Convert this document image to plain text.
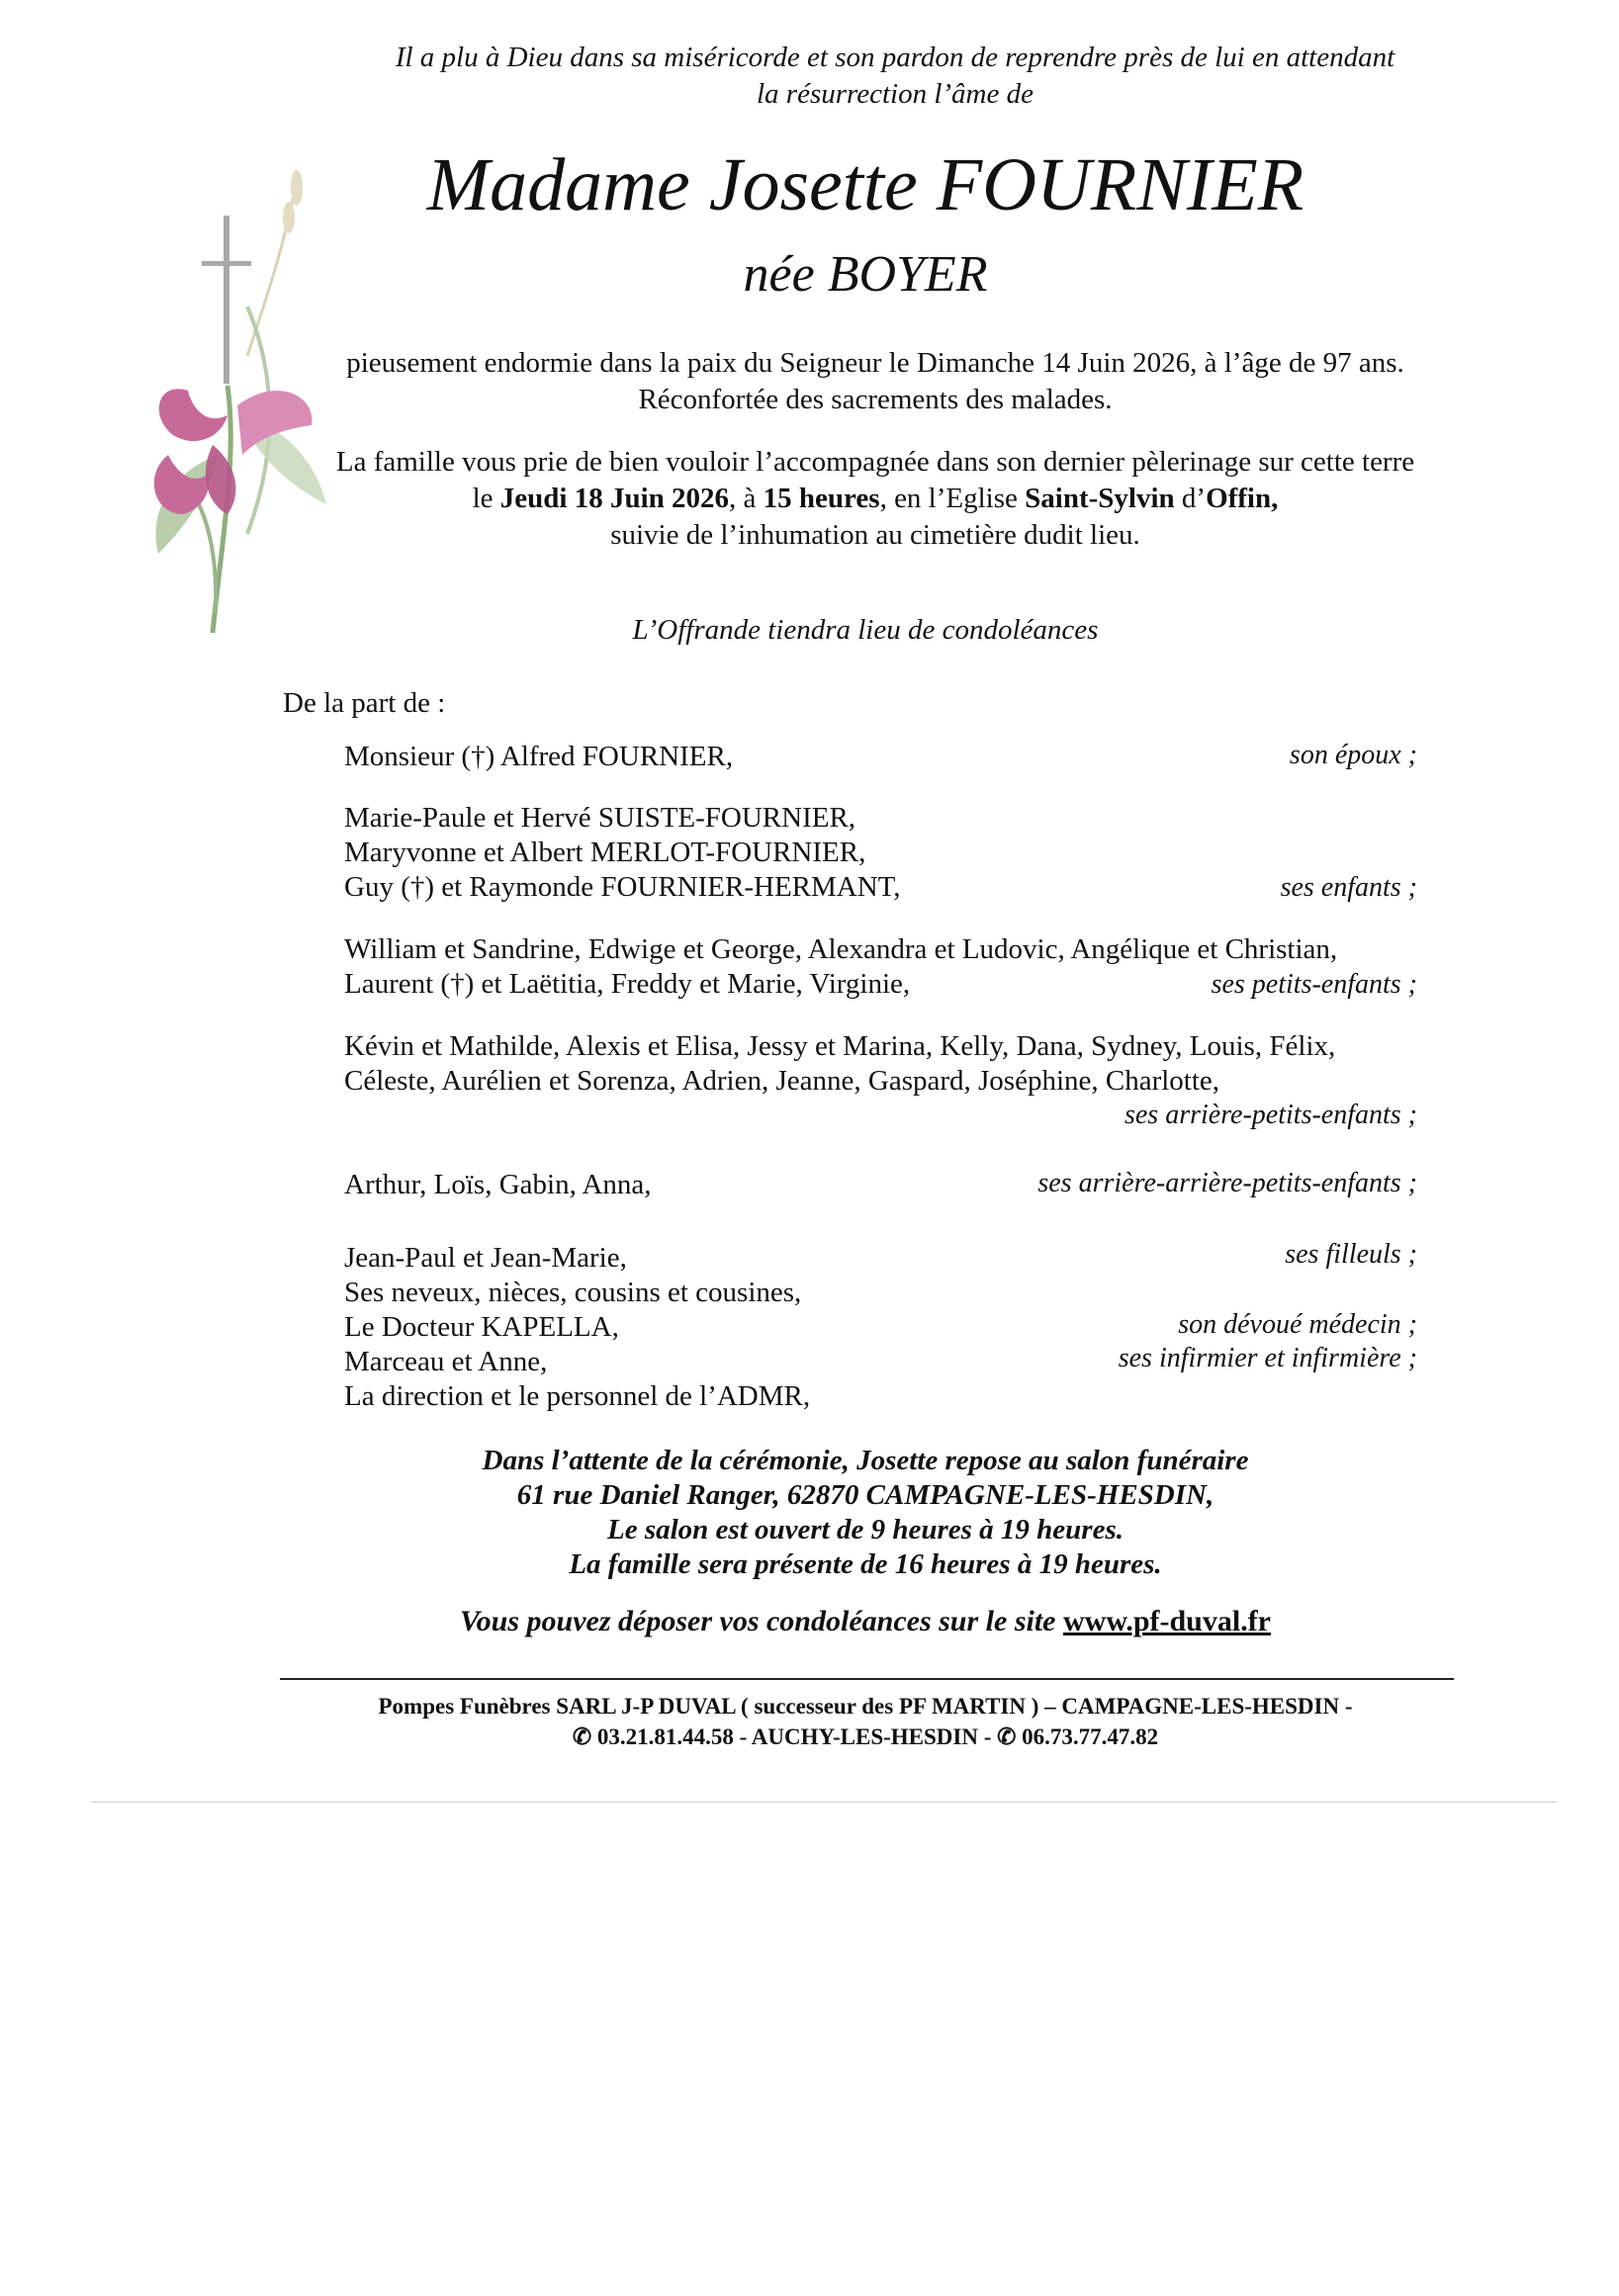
Il a plu à Dieu dans sa miséricorde et son pardon de reprendre près de lui en attendant
la résurrection l’âme de
Madame Josette FOURNIER
née BOYER
pieusement endormie dans la paix du Seigneur le Dimanche 14 Juin 2026, à l’âge de 97 ans.
Réconfortée des sacrements des malades.
La famille vous prie de bien vouloir l’accompagnée dans son dernier pèlerinage sur cette terre
le Jeudi 18 Juin 2026, à 15 heures, en l’Eglise Saint-Sylvin d’Offin,
suivie de l’inhumation au cimetière dudit lieu.
L’Offrande tiendra lieu de condoléances
De la part de :
Monsieur (†) Alfred FOURNIER,	son époux ;
Marie-Paule et Hervé SUISTE-FOURNIER,
Maryvonne et Albert MERLOT-FOURNIER,
Guy (†) et Raymonde FOURNIER-HERMANT,	ses enfants ;
William et Sandrine, Edwige et George, Alexandra et Ludovic, Angélique et Christian,
Laurent (†) et Laëtitia, Freddy et Marie, Virginie,	ses petits-enfants ;
Kévin et Mathilde, Alexis et Elisa, Jessy et Marina, Kelly, Dana, Sydney, Louis, Félix,
Céleste, Aurélien et Sorenza, Adrien, Jeanne, Gaspard, Joséphine, Charlotte,
ses arrière-petits-enfants ;
Arthur, Loïs, Gabin, Anna,	ses arrière-arrière-petits-enfants ;
Jean-Paul et Jean-Marie,	ses filleuls ;
Ses neveux, nièces, cousins et cousines,
Le Docteur KAPELLA,	son dévoué médecin ;
Marceau et Anne,	ses infirmier et infirmière ;
La direction et le personnel de l’ADMR,
Dans l’attente de la cérémonie, Josette repose au salon funéraire
61 rue Daniel Ranger, 62870 CAMPAGNE-LES-HESDIN,
Le salon est ouvert de 9 heures à 19 heures.
La famille sera présente de 16 heures à 19 heures.
Vous pouvez déposer vos condoléances sur le site www.pf-duval.fr
Pompes Funèbres SARL J-P DUVAL ( successeur des PF MARTIN ) – CAMPAGNE-LES-HESDIN -
✆ 03.21.81.44.58 - AUCHY-LES-HESDIN - ✆ 06.73.77.47.82
